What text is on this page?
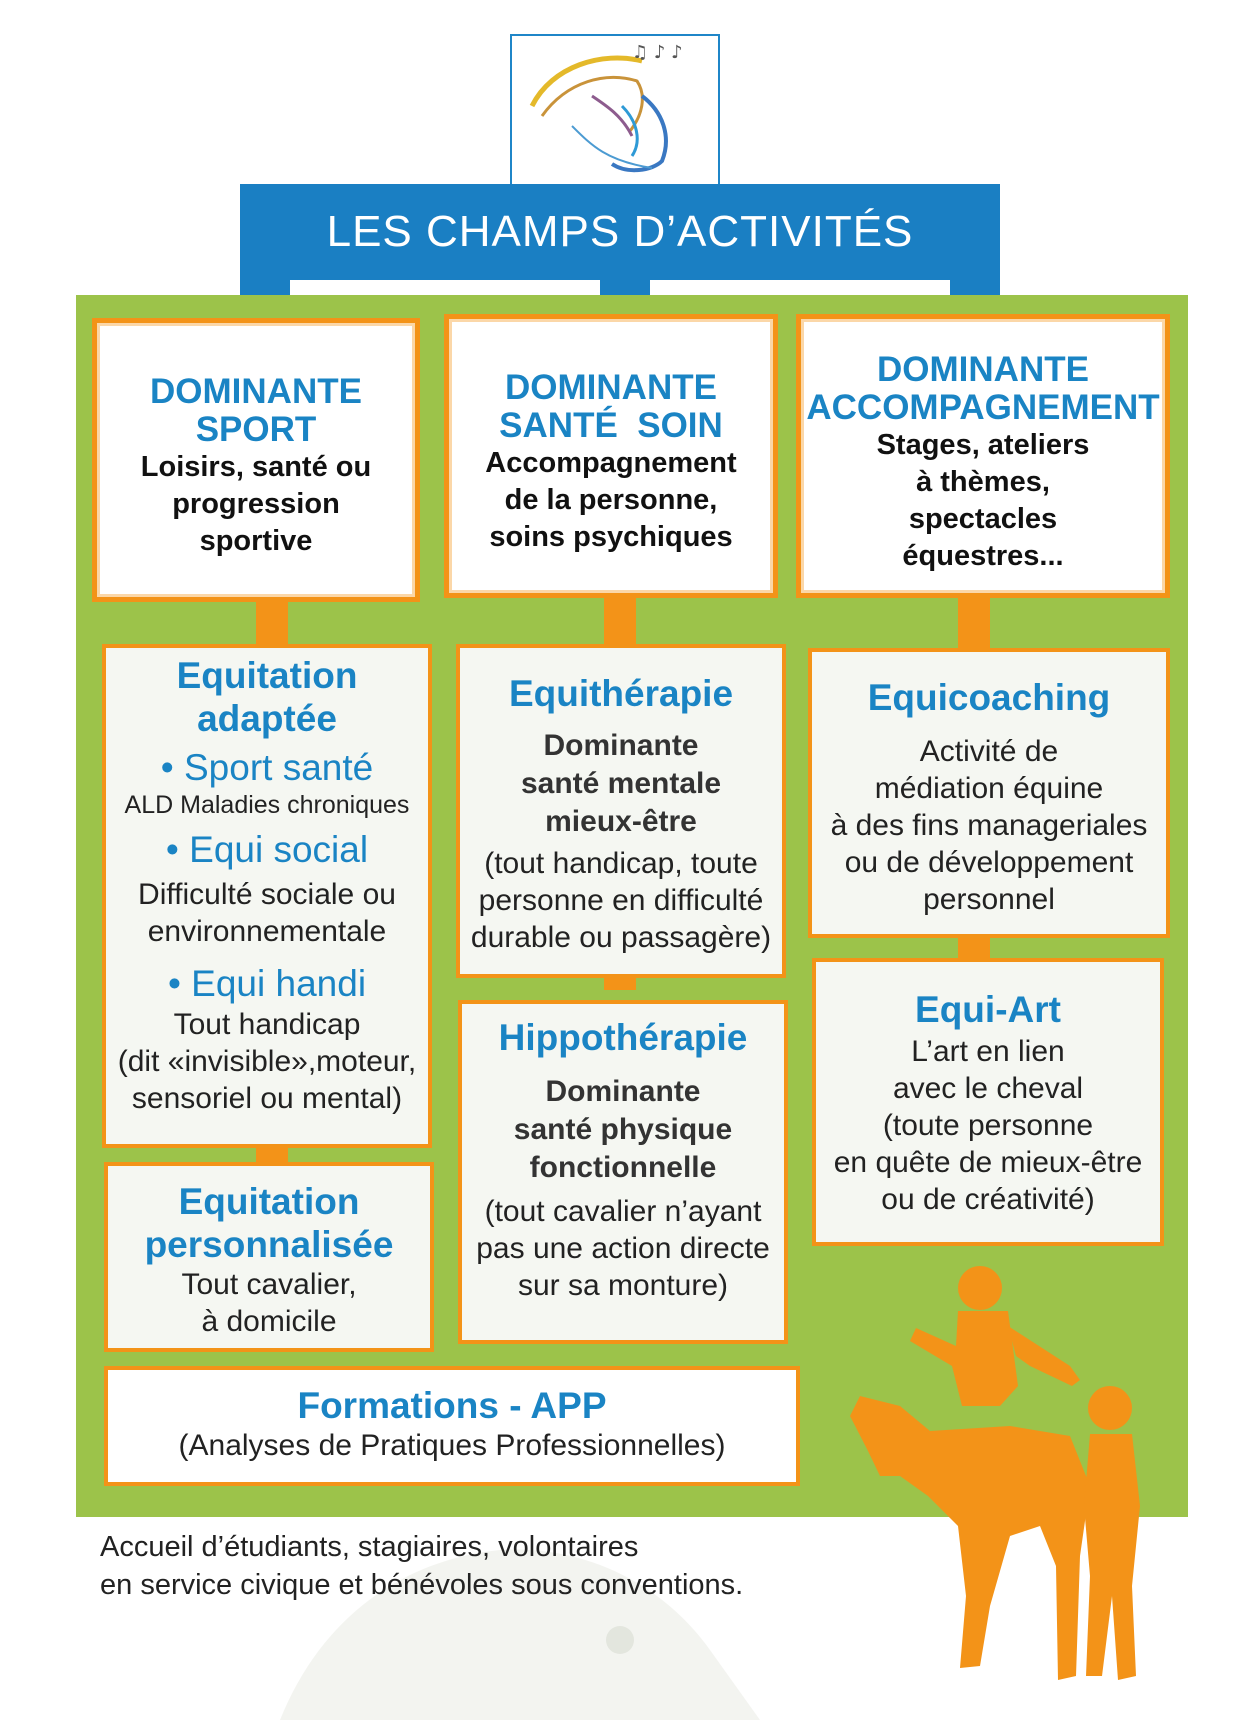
♫ ♪ ♪
LES CHAMPS D’ACTIVITÉS
DOMINANTE
SPORT
Loisirs, santé ou
progression
sportive
DOMINANTE
SANTÉ  SOIN
Accompagnement
de la personne,
soins psychiques
DOMINANTE
ACCOMPAGNEMENT
Stages, ateliers
à thèmes,
spectacles
équestres...
Equitation
adaptée
• Sport santé
ALD Maladies chroniques
• Equi social
Difficulté sociale ou
environnementale
• Equi handi
Tout handicap
(dit «invisible»,moteur,
sensoriel ou mental)
Equitation
personnalisée
Tout cavalier,
à domicile
Equithérapie
Dominante
santé mentale
mieux-être
(tout handicap, toute
personne en difficulté
durable ou passagère)
Hippothérapie
Dominante
santé physique
fonctionnelle
(tout cavalier n’ayant
pas une action directe
sur sa monture)
Equicoaching
Activité de
médiation équine
à des fins manageriales
ou de développement
personnel
Equi-Art
L’art en lien
avec le cheval
(toute personne
en quête de mieux-être
ou de créativité)
Formations - APP
(Analyses de Pratiques Professionnelles)
Accueil d’étudiants, stagiaires, volontaires
en service civique et bénévoles sous conventions.
